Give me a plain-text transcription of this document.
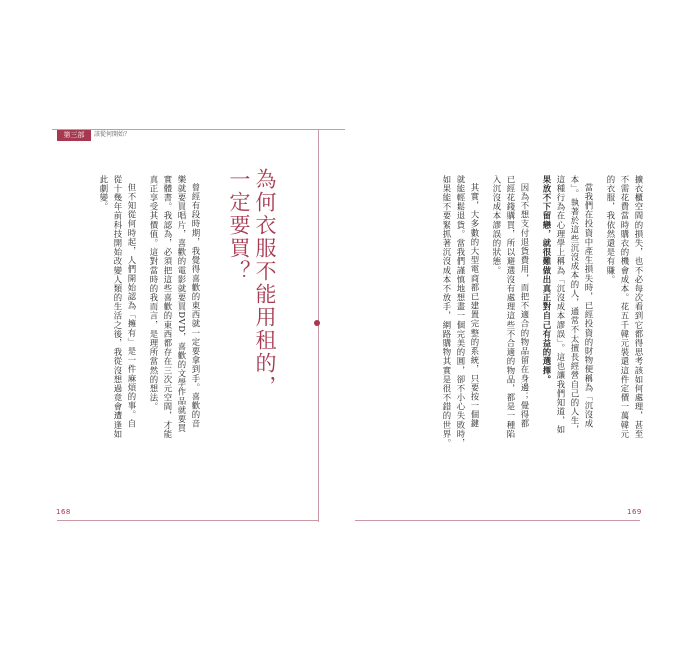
第三部	該從何開始？
為何衣服不能用租的，
一定要買？
曾經有段時期，我覺得喜歡的東西就一定要拿到手。喜歡的音
樂就要買唱片，喜歡的電影就要買DVD，喜歡的文學作品就要買
實體書。我認為，必須把這些喜歡的東西都存在三次元空間，才能
真正享受其價值。這對當時的我而言，是理所當然的想法。
但不知從何時起，人們開始認為「擁有」是一件麻煩的事。自
從十幾年前科技開始改變人類的生活之後，我從沒想過竟會遭逢如
此劇變。
168
擴衣櫃空間的損失，也不必每次看到它都得思考該如何處理，甚至
不需花費當時購衣的機會成本。花五千韓元裝還這件定價一萬韓元
的衣服，我依然還是有賺。
當我們在投資中產生損失時，已經投資的財物便稱為「沉沒成
本」。執著於這些沉沒成本的人，通常不太擅長經營自己的人生，
這種行為在心理學上稱為「沉沒成本謬誤」。這也讓我們知道，如
果放不下留戀，就很難做出真正對自己有益的選擇。
因為不想支付退貨費用，而把不適合的物品留在身邊；覺得都
已經花錢購買，所以避選沒有處理這些不合適的物品，都是一種陷
入沉沒成本謬誤的狀態。
其實，大多數的大型電商都已建置完整的系統，只要按一個鍵
就能輕鬆退貨。當我們謹慎地想畫一個完美的圓，卻不小心失敗時，
如果能不要緊抓著沉沒成本不放手，網路購物其實是很不錯的世界。
169
